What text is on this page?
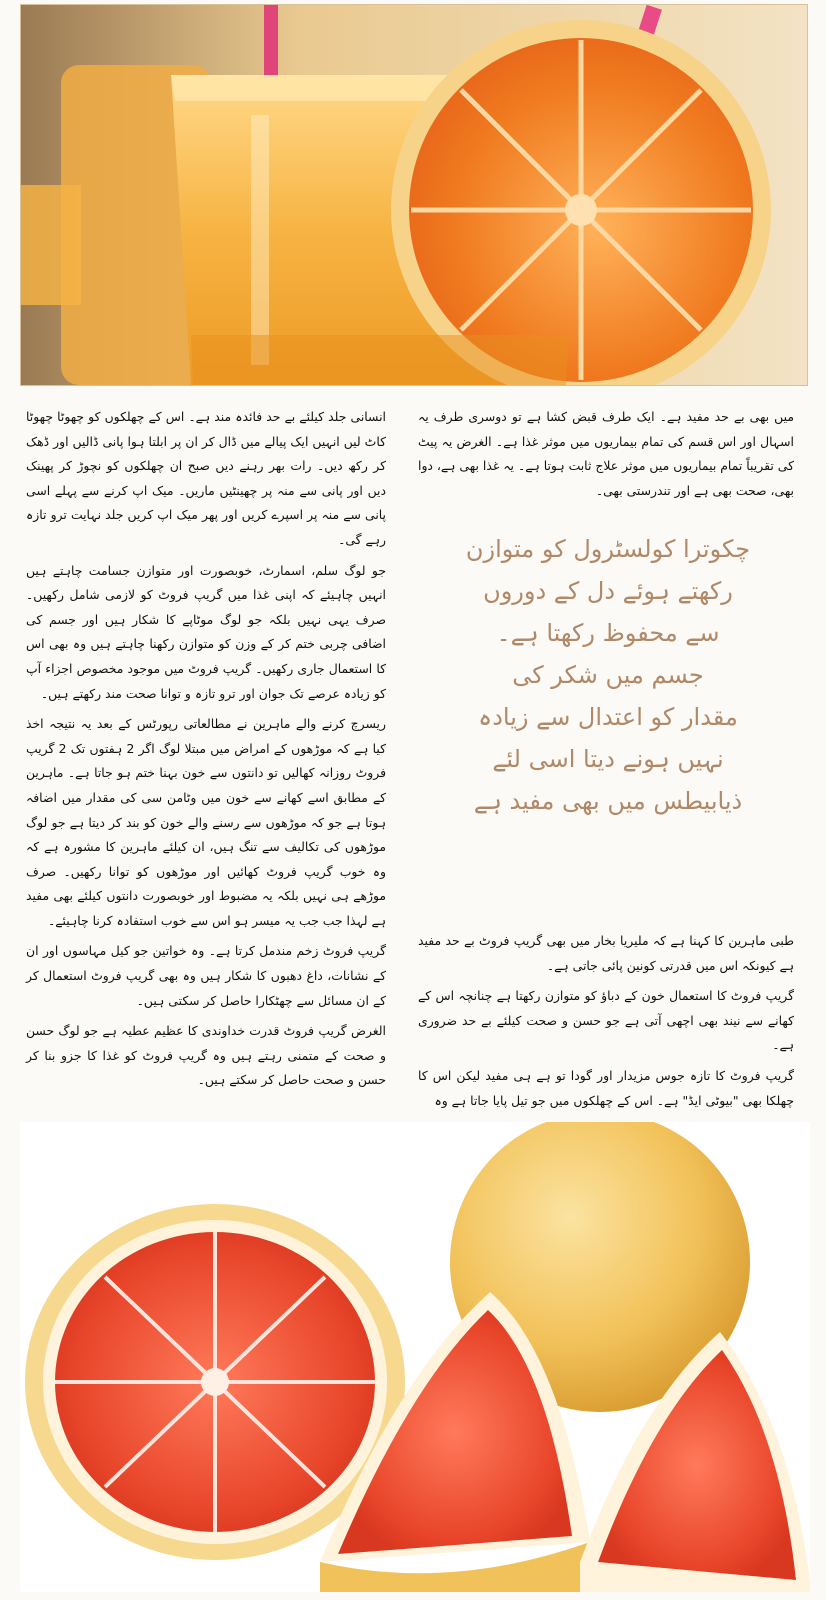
انسانی جلد کیلئے بے حد فائدہ مند ہے۔ اس کے چھلکوں کو چھوٹا چھوٹا کاٹ لیں انہیں ایک پیالے میں ڈال کر ان پر ابلتا ہوا پانی ڈالیں اور ڈھک کر رکھ دیں۔ رات بھر رہنے دیں صبح ان چھلکوں کو نچوڑ کر پھینک دیں اور پانی سے منہ پر چھینٹیں ماریں۔ میک اپ کرنے سے پہلے اسی پانی سے منہ پر اسپرے کریں اور پھر میک اپ کریں جلد نہایت ترو تازہ رہے گی۔

جو لوگ سلم، اسمارٹ، خوبصورت اور متوازن جسامت چاہتے ہیں انہیں چاہیئے کہ اپنی غذا میں گریپ فروٹ کو لازمی شامل رکھیں۔ صرف یہی نہیں بلکہ جو لوگ موٹاپے کا شکار ہیں اور جسم کی اضافی چربی ختم کر کے وزن کو متوازن رکھنا چاہتے ہیں وہ بھی اس کا استعمال جاری رکھیں۔ گریپ فروٹ میں موجود مخصوص اجزاء آپ کو زیادہ عرصے تک جوان اور ترو تازہ و توانا صحت مند رکھتے ہیں۔

ریسرچ کرنے والے ماہرین نے مطالعاتی رپورٹس کے بعد یہ نتیجہ اخذ کیا ہے کہ موڑھوں کے امراض میں مبتلا لوگ اگر 2 ہفتوں تک 2 گریپ فروٹ روزانہ کھالیں تو دانتوں سے خون بہنا ختم ہو جاتا ہے۔ ماہرین کے مطابق اسے کھانے سے خون میں وٹامن سی کی مقدار میں اضافہ ہوتا ہے جو کہ موڑھوں سے رسنے والے خون کو بند کر دیتا ہے جو لوگ موڑھوں کی تکالیف سے تنگ ہیں، ان کیلئے ماہرین کا مشورہ ہے کہ وہ خوب گریپ فروٹ کھائیں اور موڑھوں کو توانا رکھیں۔ صرف موڑھے ہی نہیں بلکہ یہ مضبوط اور خوبصورت دانتوں کیلئے بھی مفید ہے لہذا جب جب یہ میسر ہو اس سے خوب استفادہ کرنا چاہیئے۔

گریپ فروٹ زخم مندمل کرتا ہے۔ وہ خواتین جو کیل مہاسوں اور ان کے نشانات، داغ دھبوں کا شکار ہیں وہ بھی گریپ فروٹ استعمال کر کے ان مسائل سے چھٹکارا حاصل کر سکتی ہیں۔

الغرض گریپ فروٹ قدرت خداوندی کا عظیم عطیہ ہے جو لوگ حسن و صحت کے متمنی رہتے ہیں وہ گریپ فروٹ کو غذا کا جزو بنا کر حسن و صحت حاصل کر سکتے ہیں۔

میں بھی بے حد مفید ہے۔ ایک طرف قبض کشا ہے تو دوسری طرف یہ اسہال اور اس قسم کی تمام بیماریوں میں موثر غذا ہے۔ الغرض یہ پیٹ کی تقریباً تمام بیماریوں میں موثر علاج ثابت ہوتا ہے۔ یہ غذا بھی ہے، دوا بھی، صحت بھی ہے اور تندرستی بھی۔

چکوترا کولسٹرول کو متوازن
رکھتے ہوئے دل کے دوروں
سے محفوظ رکھتا ہے۔
جسم میں شکر کی
مقدار کو اعتدال سے زیادہ
نہیں ہونے دیتا اسی لئے
ذیابیطس میں بھی مفید ہے

طبی ماہرین کا کہنا ہے کہ ملیریا بخار میں بھی گریپ فروٹ بے حد مفید ہے کیونکہ اس میں قدرتی کونین پائی جاتی ہے۔

گریپ فروٹ کا استعمال خون کے دباؤ کو متوازن رکھتا ہے چنانچہ اس کے کھانے سے نیند بھی اچھی آتی ہے جو حسن و صحت کیلئے بے حد ضروری ہے۔

گریپ فروٹ کا تازہ جوس مزیدار اور گودا تو ہے ہی مفید لیکن اس کا چھلکا بھی "بیوٹی ایڈ" ہے۔ اس کے چھلکوں میں جو تیل پایا جاتا ہے وہ
